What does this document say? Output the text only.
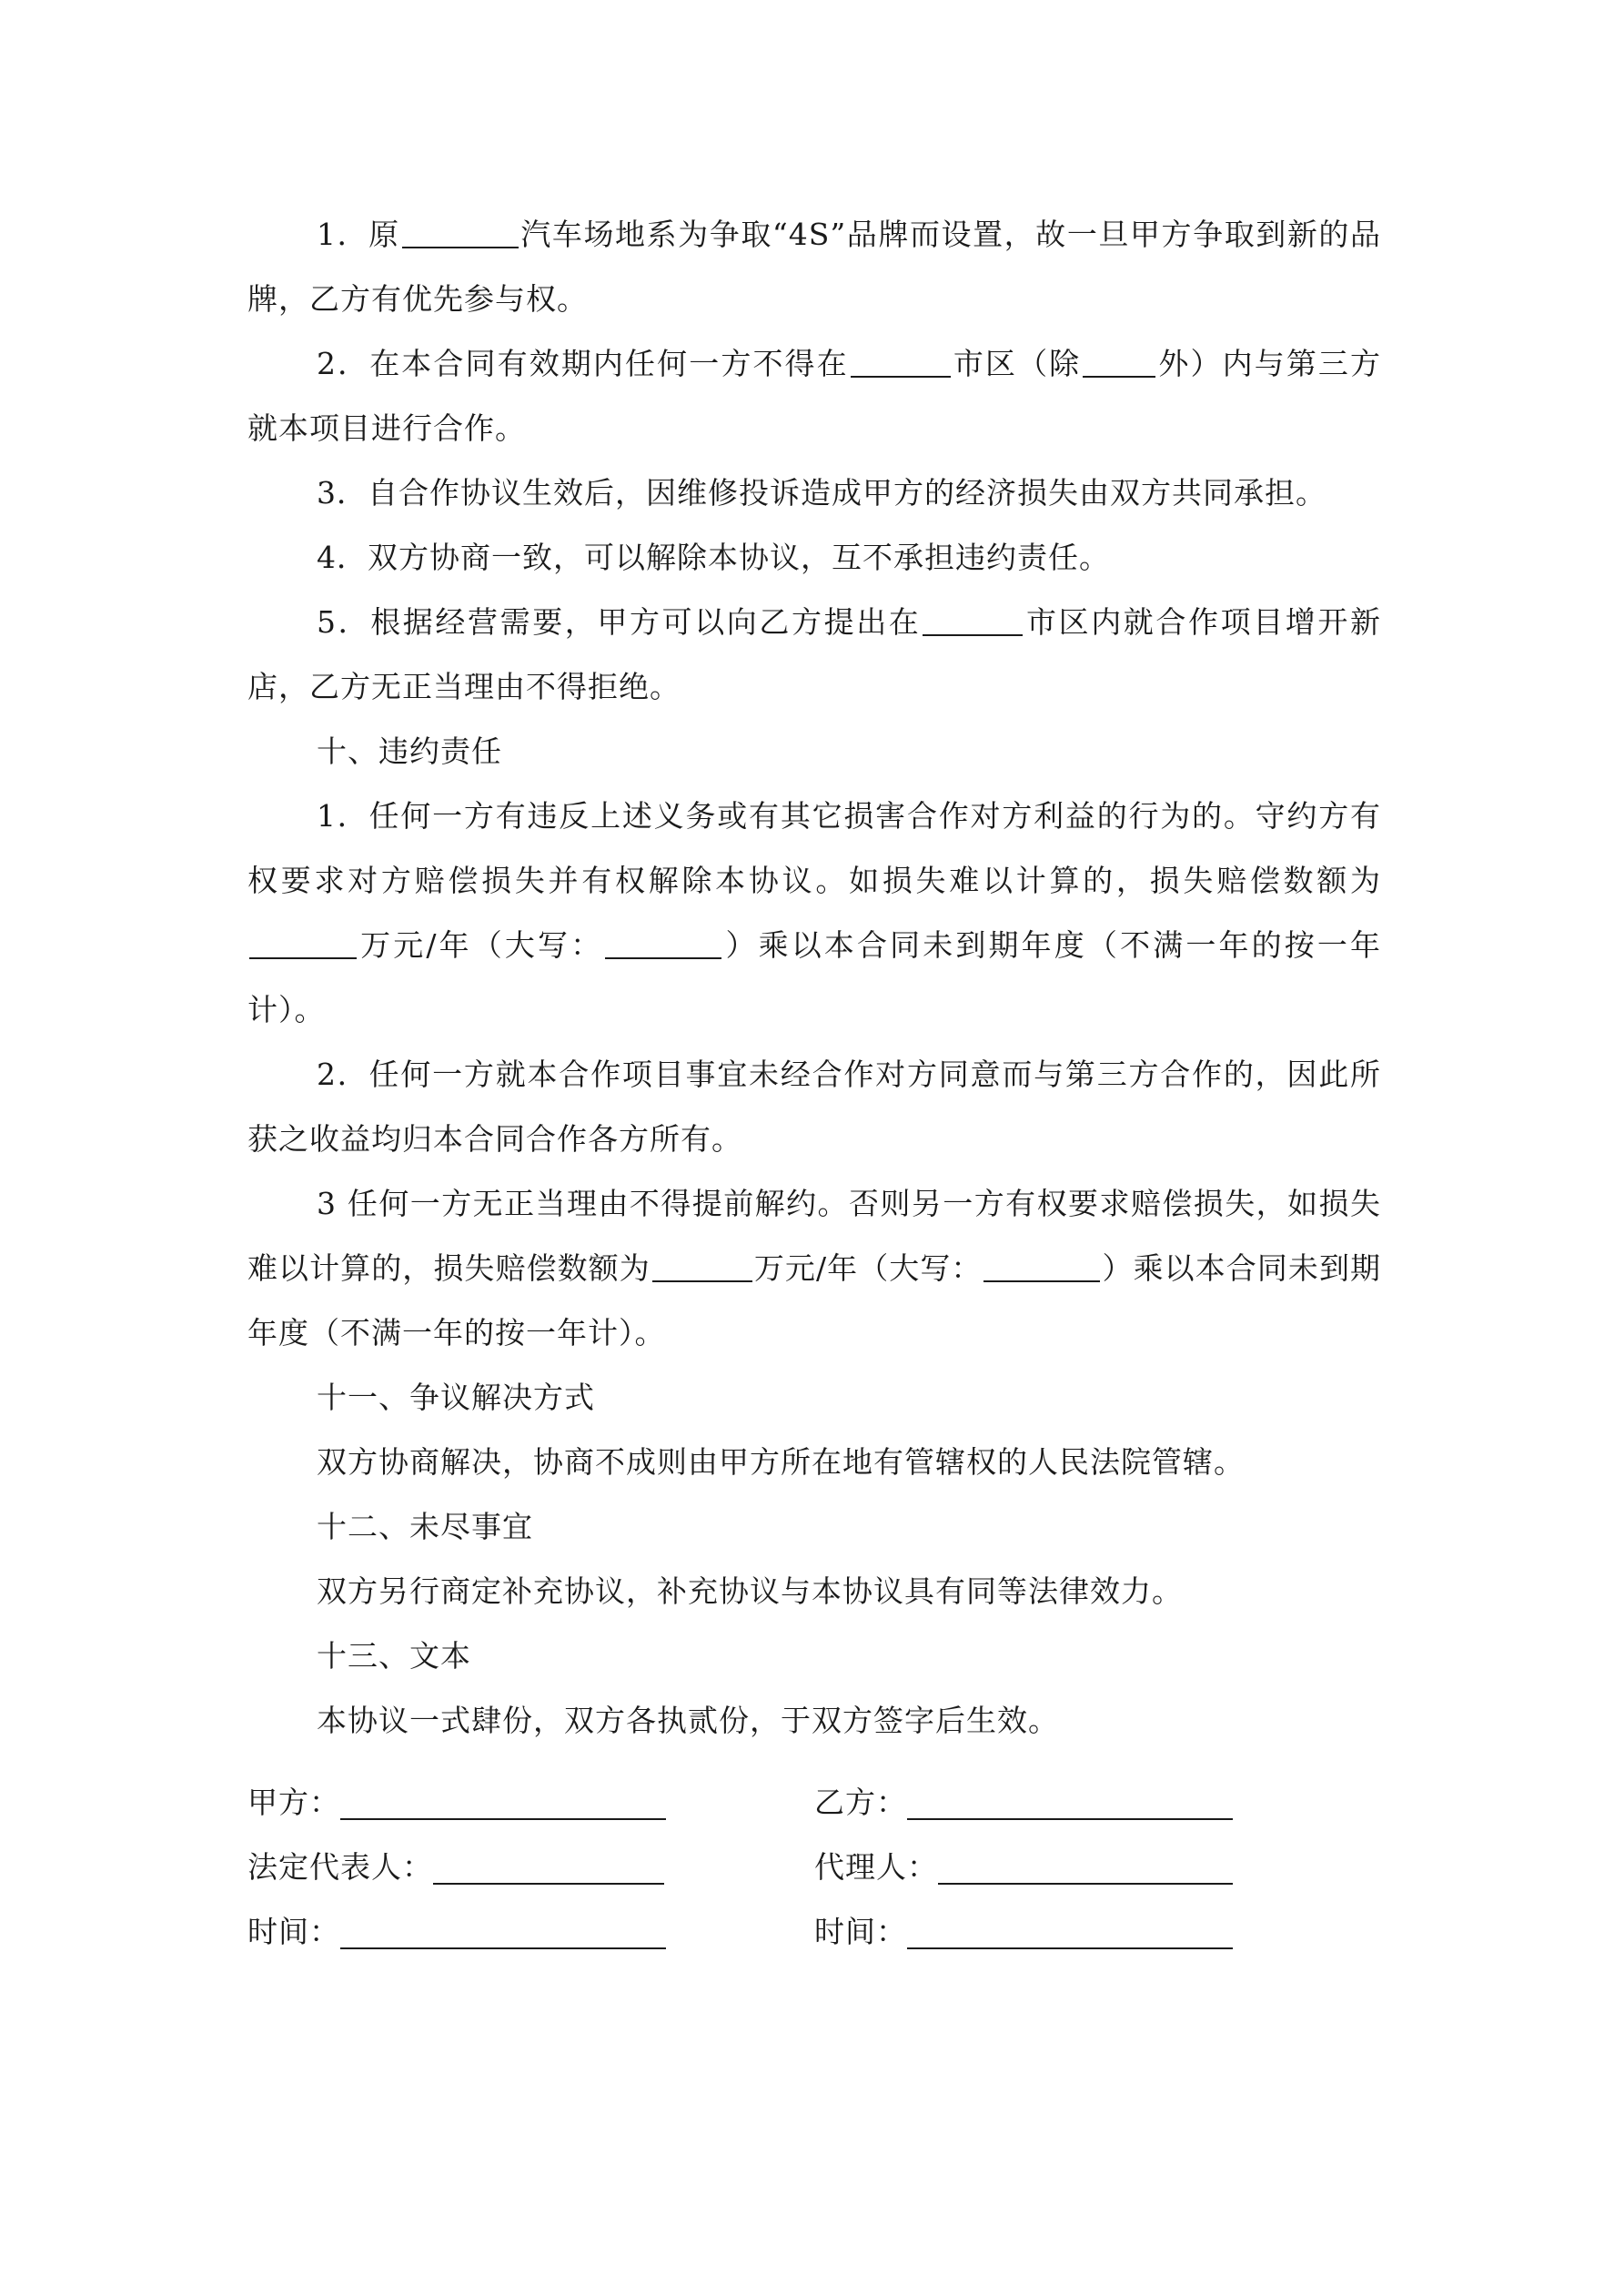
1．原	汽车场地系为争取“4S”品牌而设置，故一旦甲方争取到新的品牌，乙方有优先参与权。

2．在本合同有效期内任何一方不得在	市区（除	外）内与第三方就本项目进行合作。

3．自合作协议生效后，因维修投诉造成甲方的经济损失由双方共同承担。

4．双方协商一致，可以解除本协议，互不承担违约责任。

5．根据经营需要，甲方可以向乙方提出在	市区内就合作项目增开新店，乙方无正当理由不得拒绝。

十、违约责任

1．任何一方有违反上述义务或有其它损害合作对方利益的行为的。守约方有权要求对方赔偿损失并有权解除本协议。如损失难以计算的，损失赔偿数额为万元/年（大写：	）乘以本合同未到期年度（不满一年的按一年计）。

2．任何一方就本合作项目事宜未经合作对方同意而与第三方合作的，因此所获之收益均归本合同合作各方所有。

3 任何一方无正当理由不得提前解约。否则另一方有权要求赔偿损失，如损失难以计算的，损失赔偿数额为	万元/年（大写：	）乘以本合同未到期年度（不满一年的按一年计）。

十一、争议解决方式

双方协商解决，协商不成则由甲方所在地有管辖权的人民法院管辖。

十二、未尽事宜

双方另行商定补充协议，补充协议与本协议具有同等法律效力。

十三、文本

本协议一式肆份，双方各执贰份，于双方签字后生效。

甲方：	乙方：
法定代表人：	代理人：
时间：	时间：
